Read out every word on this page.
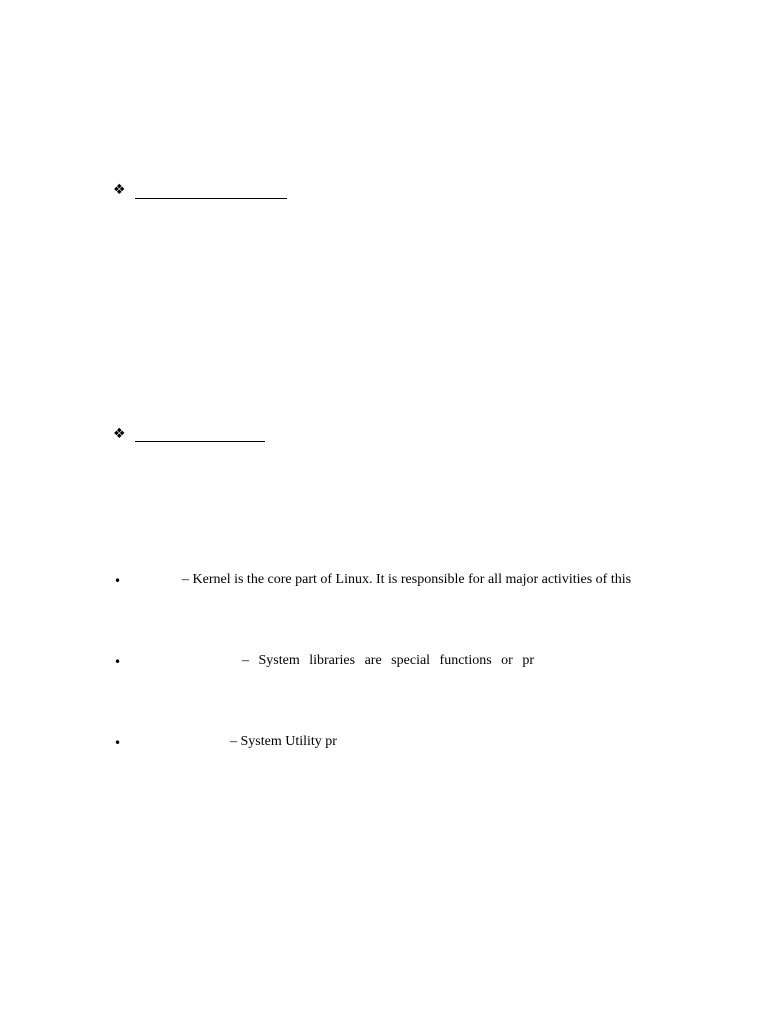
❖
❖
•	– Kernel is the core part of Linux. It is responsible for all major activities of this
•	– System libraries are special functions or pr
•	– System Utility pr
